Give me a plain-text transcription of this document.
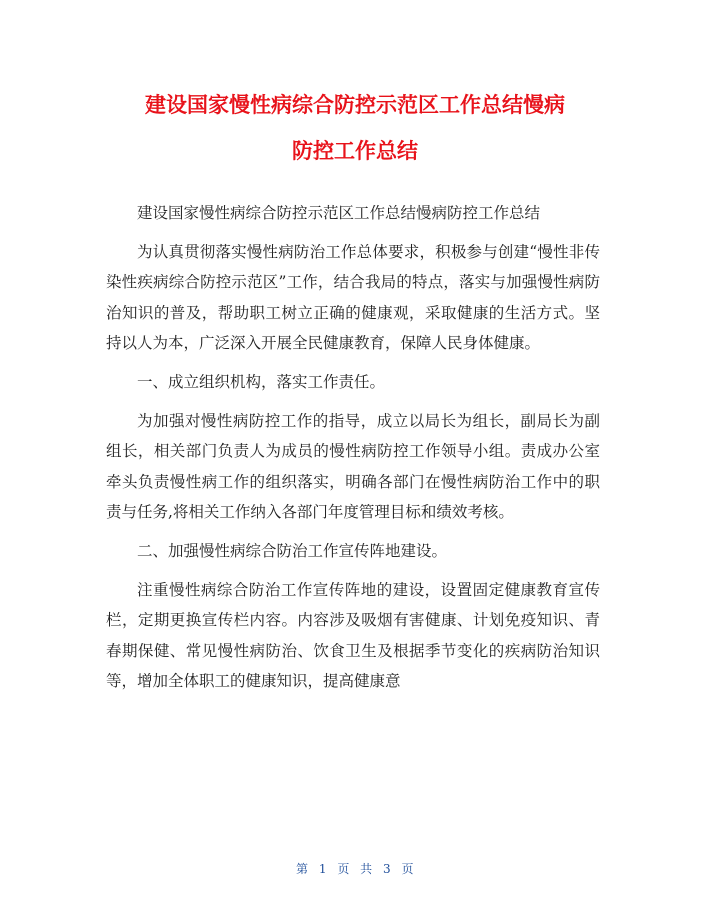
建设国家慢性病综合防控示范区工作总结慢病
防控工作总结

建设国家慢性病综合防控示范区工作总结慢病防控工作总结

为认真贯彻落实慢性病防治工作总体要求，积极参与创建“慢性非传染性疾病综合防控示范区”工作，结合我局的特点，落实与加强慢性病防治知识的普及，帮助职工树立正确的健康观，采取健康的生活方式。坚持以人为本，广泛深入开展全民健康教育，保障人民身体健康。

一、成立组织机构，落实工作责任。

为加强对慢性病防控工作的指导，成立以局长为组长，副局长为副组长，相关部门负责人为成员的慢性病防控工作领导小组。责成办公室牵头负责慢性病工作的组织落实，明确各部门在慢性病防治工作中的职责与任务,将相关工作纳入各部门年度管理目标和绩效考核。

二、加强慢性病综合防治工作宣传阵地建设。

注重慢性病综合防治工作宣传阵地的建设，设置固定健康教育宣传栏，定期更换宣传栏内容。内容涉及吸烟有害健康、计划免疫知识、青春期保健、常见慢性病防治、饮食卫生及根据季节变化的疾病防治知识等，增加全体职工的健康知识，提高健康意

第 1 页 共 3 页
